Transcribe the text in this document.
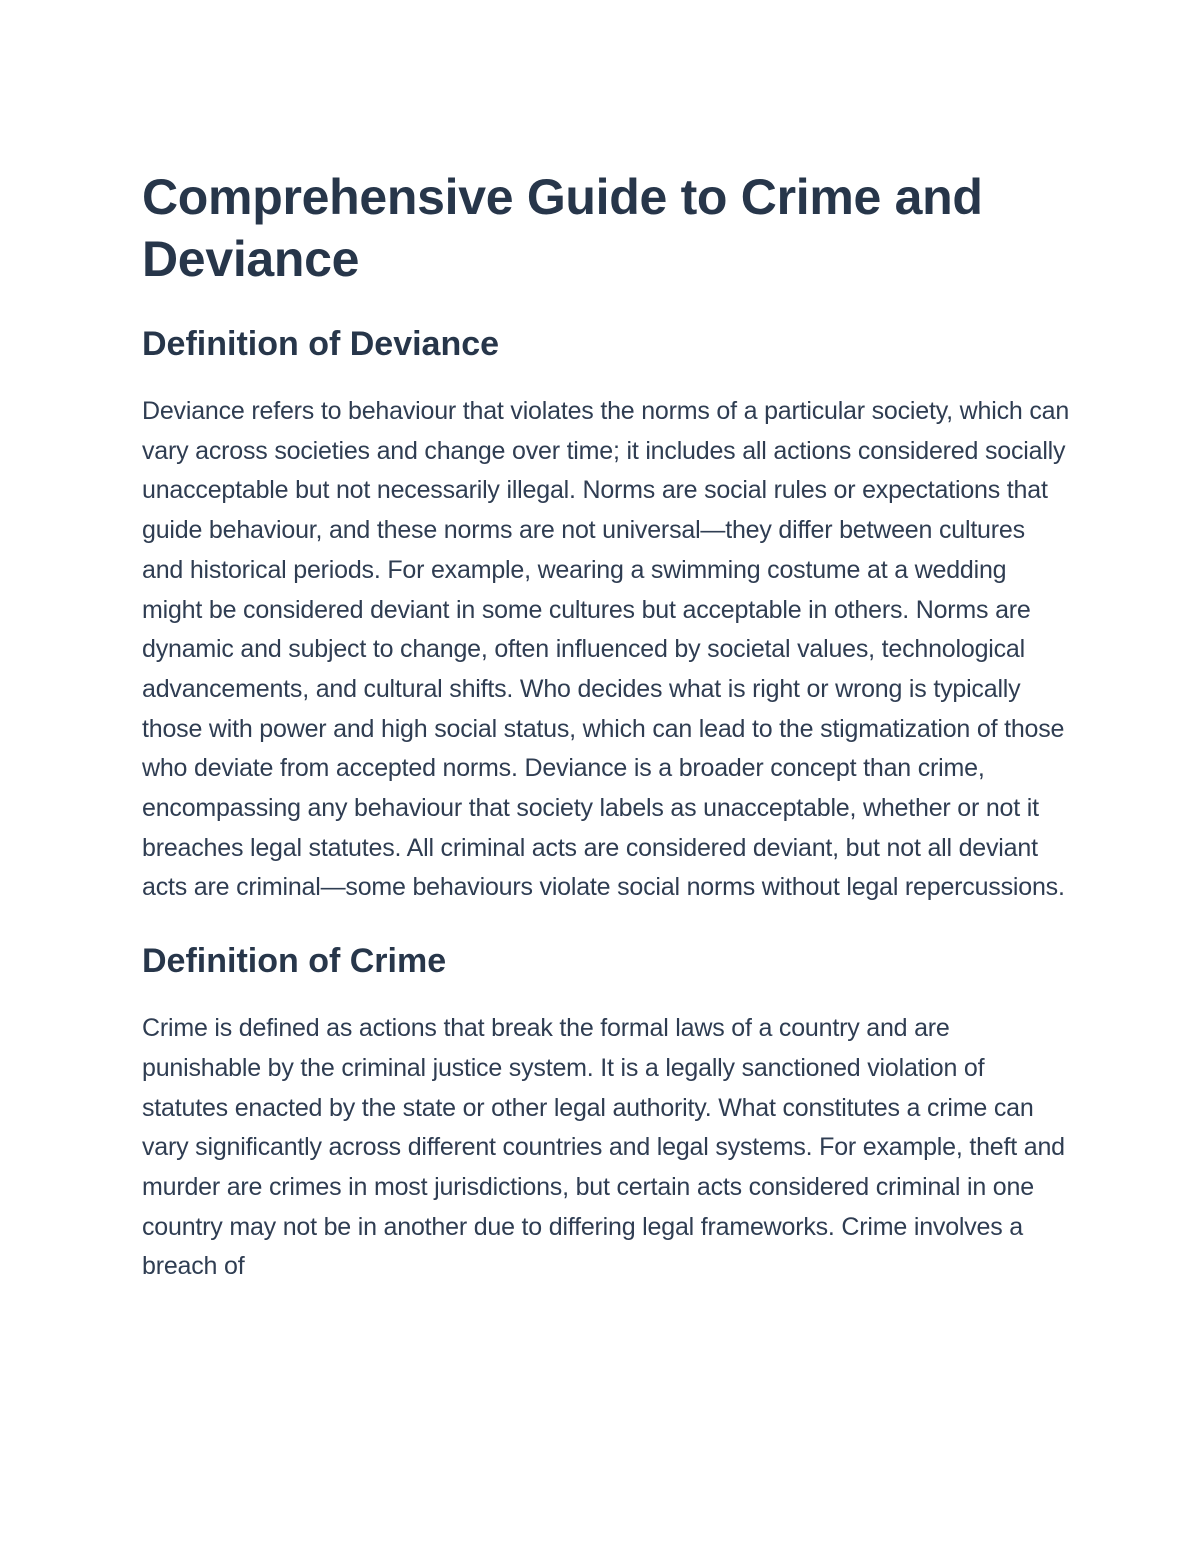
Comprehensive Guide to Crime and Deviance
Definition of Deviance

Deviance refers to behaviour that violates the norms of a particular society, which can vary across societies and change over time; it includes all actions considered socially unacceptable but not necessarily illegal. Norms are social rules or expectations that guide behaviour, and these norms are not universal—they differ between cultures and historical periods. For example, wearing a swimming costume at a wedding might be considered deviant in some cultures but acceptable in others. Norms are dynamic and subject to change, often influenced by societal values, technological advancements, and cultural shifts. Who decides what is right or wrong is typically those with power and high social status, which can lead to the stigmatization of those who deviate from accepted norms. Deviance is a broader concept than crime, encompassing any behaviour that society labels as unacceptable, whether or not it breaches legal statutes. All criminal acts are considered deviant, but not all deviant acts are criminal—some behaviours violate social norms without legal repercussions.

Definition of Crime

Crime is defined as actions that break the formal laws of a country and are punishable by the criminal justice system. It is a legally sanctioned violation of statutes enacted by the state or other legal authority. What constitutes a crime can vary significantly across different countries and legal systems. For example, theft and murder are crimes in most jurisdictions, but certain acts considered criminal in one country may not be in another due to differing legal frameworks. Crime involves a breach of
